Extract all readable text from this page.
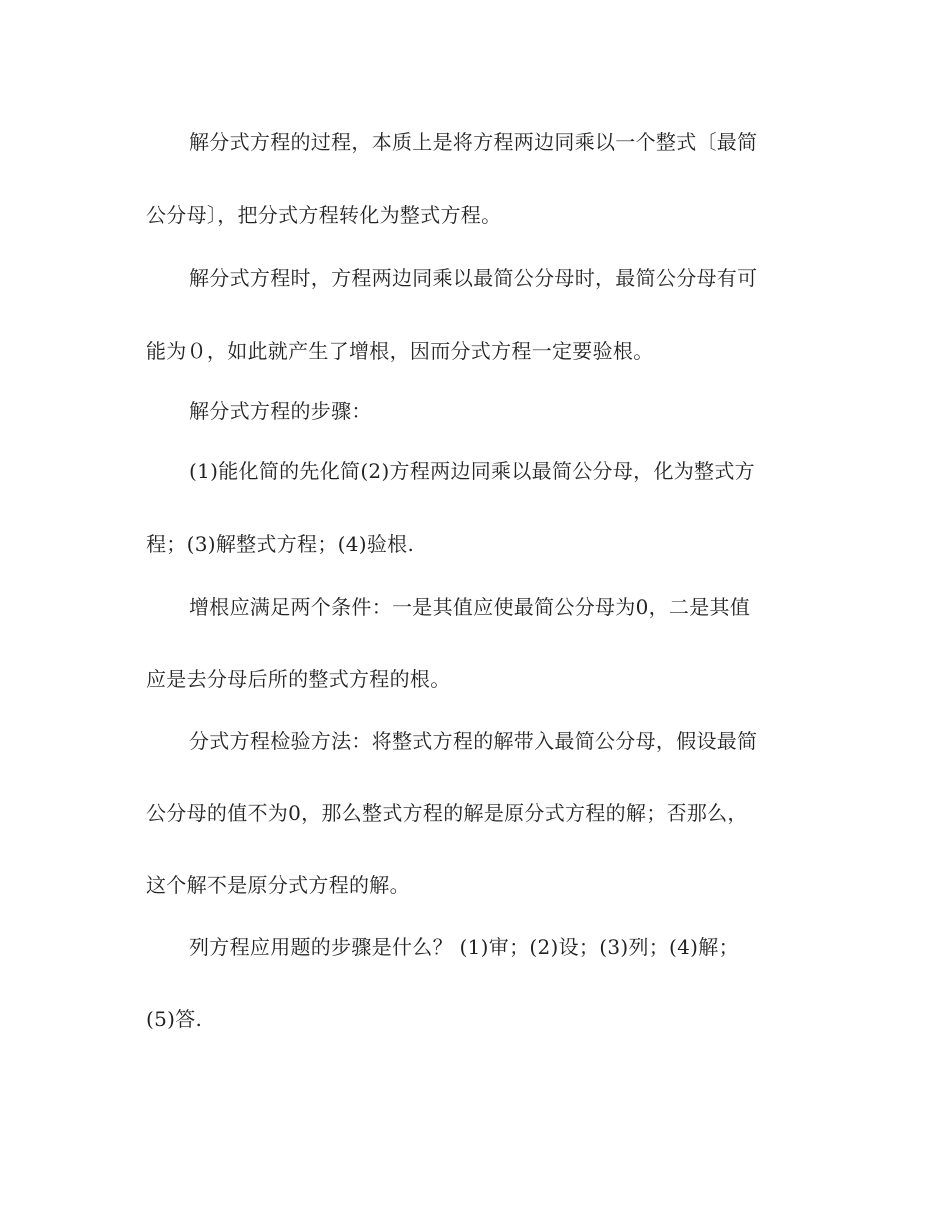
解分式方程的过程，本质上是将方程两边同乘以一个整式〔最简
公分母〕，把分式方程转化为整式方程。
解分式方程时，方程两边同乘以最简公分母时，最简公分母有可
能为０，如此就产生了增根，因而分式方程一定要验根。
解分式方程的步骤：
(1)能化简的先化简(2)方程两边同乘以最简公分母，化为整式方
程；(3)解整式方程；(4)验根.
增根应满足两个条件：一是其值应使最简公分母为0，二是其值
应是去分母后所的整式方程的根。
分式方程检验方法：将整式方程的解带入最简公分母，假设最简
公分母的值不为0，那么整式方程的解是原分式方程的解；否那么，
这个解不是原分式方程的解。
列方程应用题的步骤是什么？ (1)审；(2)设；(3)列；(4)解；
(5)答.
